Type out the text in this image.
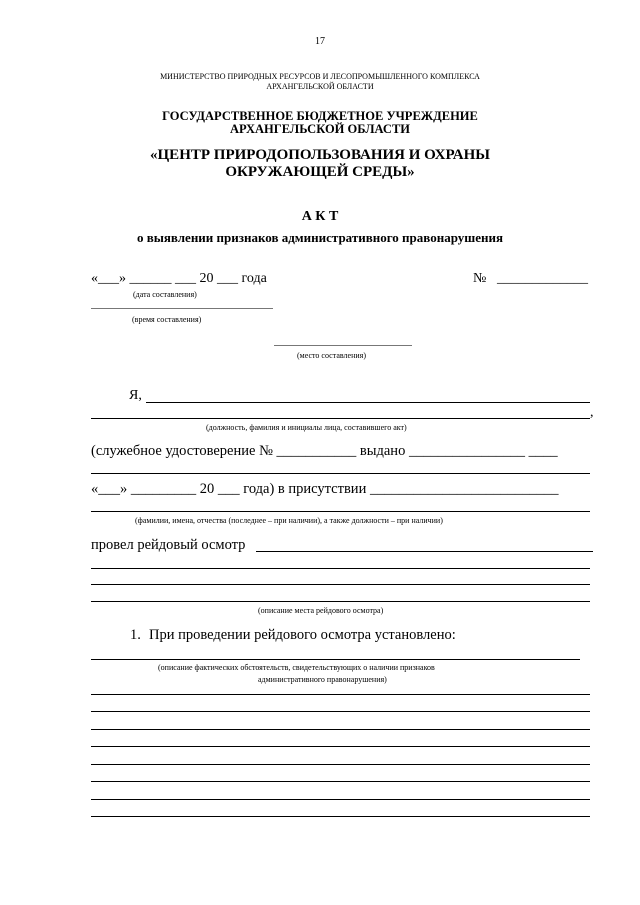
17
МИНИСТЕРСТВО ПРИРОДНЫХ РЕСУРСОВ И ЛЕСОПРОМЫШЛЕННОГО КОМПЛЕКСА
АРХАНГЕЛЬСКОЙ ОБЛАСТИ
ГОСУДАРСТВЕННОЕ БЮДЖЕТНОЕ УЧРЕЖДЕНИЕ
АРХАНГЕЛЬСКОЙ ОБЛАСТИ
«ЦЕНТР ПРИРОДОПОЛЬЗОВАНИЯ И ОХРАНЫ
ОКРУЖАЮЩЕЙ СРЕДЫ»
А К Т
о выявлении признаков административного правонарушения
«___» ______ ___ 20 ___ года	№ _____________
(дата составления)
(время составления)
(место составления)
Я,
,
(должность, фамилия и инициалы лица, составившего акт)
(служебное удостоверение № ___________ выдано ________________ ____
«___» _________ 20 ___ года) в присутствии __________________________
(фамилии, имена, отчества (последнее – при наличии), а также должности – при наличии)
провел рейдовый осмотр
(описание места рейдового осмотра)
1. При проведении рейдового осмотра установлено:
(описание фактических обстоятельств, свидетельствующих о наличии признаков
административного правонарушения)
